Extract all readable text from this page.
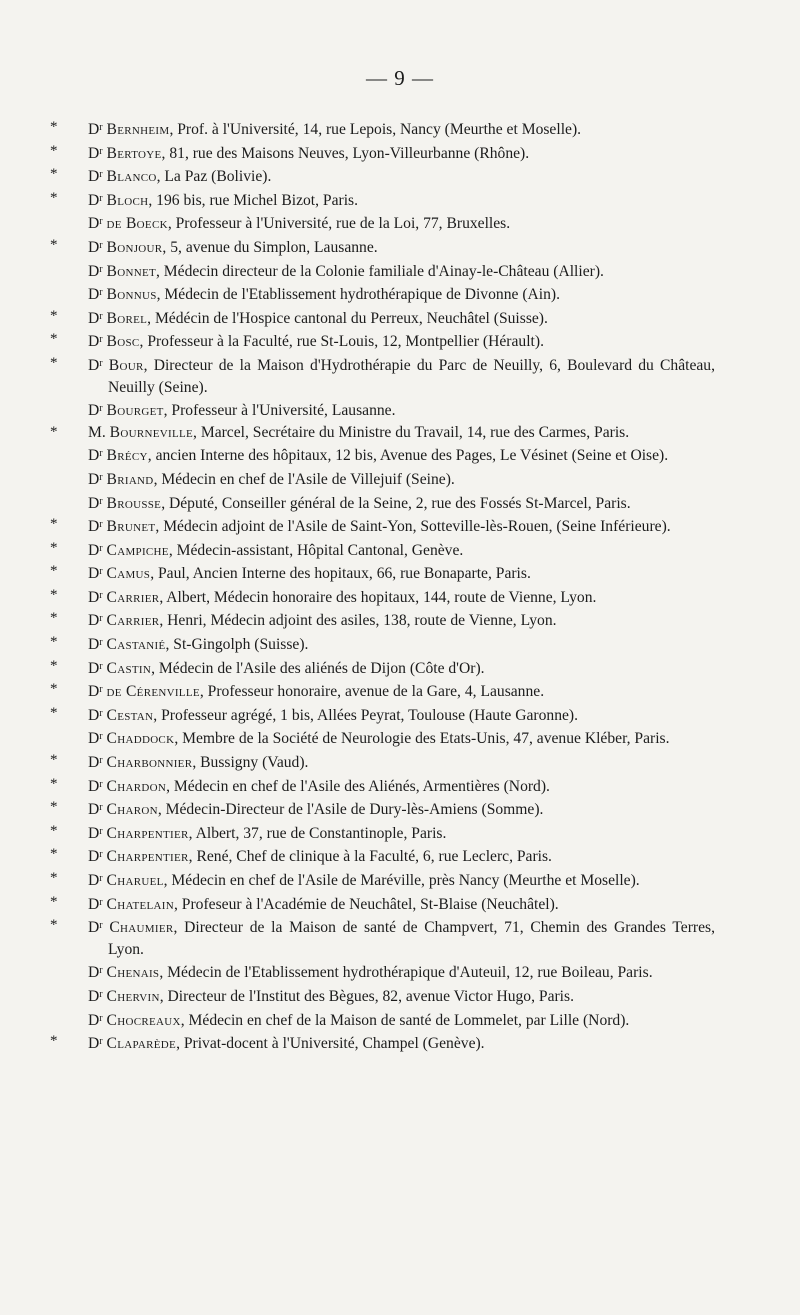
— 9 —
*	$D^r$ Bernheim, Prof. à l'Université, 14, rue Lepois, Nancy (Meurthe et Moselle).
*	$D^r$ Bertoye, 81, rue des Maisons Neuves, Lyon-Villeurbanne (Rhône).
*	$D^r$ Blanco, La Paz (Bolivie).
*	$D^r$ Bloch, 196 bis, rue Michel Bizot, Paris.
$D^r$ de Boeck, Professeur à l'Université, rue de la Loi, 77, Bruxelles.
*	$D^r$ Bonjour, 5, avenue du Simplon, Lausanne.
$D^r$ Bonnet, Médecin directeur de la Colonie familiale d'Ainay-le-Château (Allier).
$D^r$ Bonnus, Médecin de l'Etablissement hydrothérapique de Divonne (Ain).
*	$D^r$ Borel, Médécin de l'Hospice cantonal du Perreux, Neuchâtel (Suisse).
*	$D^r$ Bosc, Professeur à la Faculté, rue St-Louis, 12, Montpellier (Hérault).
*	$D^r$ Bour, Directeur de la Maison d'Hydrothérapie du Parc de Neuilly, 6, Boulevard du Château, Neuilly (Seine).
$D^r$ Bourget, Professeur à l'Université, Lausanne.
*	M. Bourneville, Marcel, Secrétaire du Ministre du Travail, 14, rue des Carmes, Paris.
$D^r$ Brécy, ancien Interne des hôpitaux, 12 bis, Avenue des Pages, Le Vésinet (Seine et Oise).
$D^r$ Briand, Médecin en chef de l'Asile de Villejuif (Seine).
$D^r$ Brousse, Député, Conseiller général de la Seine, 2, rue des Fossés St-Marcel, Paris.
*	$D^r$ Brunet, Médecin adjoint de l'Asile de Saint-Yon, Sotteville-lès-Rouen, (Seine Inférieure).
*	$D^r$ Campiche, Médecin-assistant, Hôpital Cantonal, Genève.
*	$D^r$ Camus, Paul, Ancien Interne des hopitaux, 66, rue Bonaparte, Paris.
*	$D^r$ Carrier, Albert, Médecin honoraire des hopitaux, 144, route de Vienne, Lyon.
*	$D^r$ Carrier, Henri, Médecin adjoint des asiles, 138, route de Vienne, Lyon.
*	$D^r$ Castanié, St-Gingolph (Suisse).
*	$D^r$ Castin, Médecin de l'Asile des aliénés de Dijon (Côte d'Or).
*	$D^r$ de Cérenville, Professeur honoraire, avenue de la Gare, 4, Lausanne.
*	$D^r$ Cestan, Professeur agrégé, 1 bis, Allées Peyrat, Toulouse (Haute Garonne).
$D^r$ Chaddock, Membre de la Société de Neurologie des Etats-Unis, 47, avenue Kléber, Paris.
*	$D^r$ Charbonnier, Bussigny (Vaud).
*	$D^r$ Chardon, Médecin en chef de l'Asile des Aliénés, Armentières (Nord).
*	$D^r$ Charon, Médecin-Directeur de l'Asile de Dury-lès-Amiens (Somme).
*	$D^r$ Charpentier, Albert, 37, rue de Constantinople, Paris.
*	$D^r$ Charpentier, René, Chef de clinique à la Faculté, 6, rue Leclerc, Paris.
*	$D^r$ Charuel, Médecin en chef de l'Asile de Maréville, près Nancy (Meurthe et Moselle).
*	$D^r$ Chatelain, Profeseur à l'Académie de Neuchâtel, St-Blaise (Neuchâtel).
*	$D^r$ Chaumier, Directeur de la Maison de santé de Champvert, 71, Chemin des Grandes Terres, Lyon.
$D^r$ Chenais, Médecin de l'Etablissement hydrothérapique d'Auteuil, 12, rue Boileau, Paris.
$D^r$ Chervin, Directeur de l'Institut des Bègues, 82, avenue Victor Hugo, Paris.
$D^r$ Chocreaux, Médecin en chef de la Maison de santé de Lommelet, par Lille (Nord).
*	$D^r$ Claparède, Privat-docent à l'Université, Champel (Genève).
